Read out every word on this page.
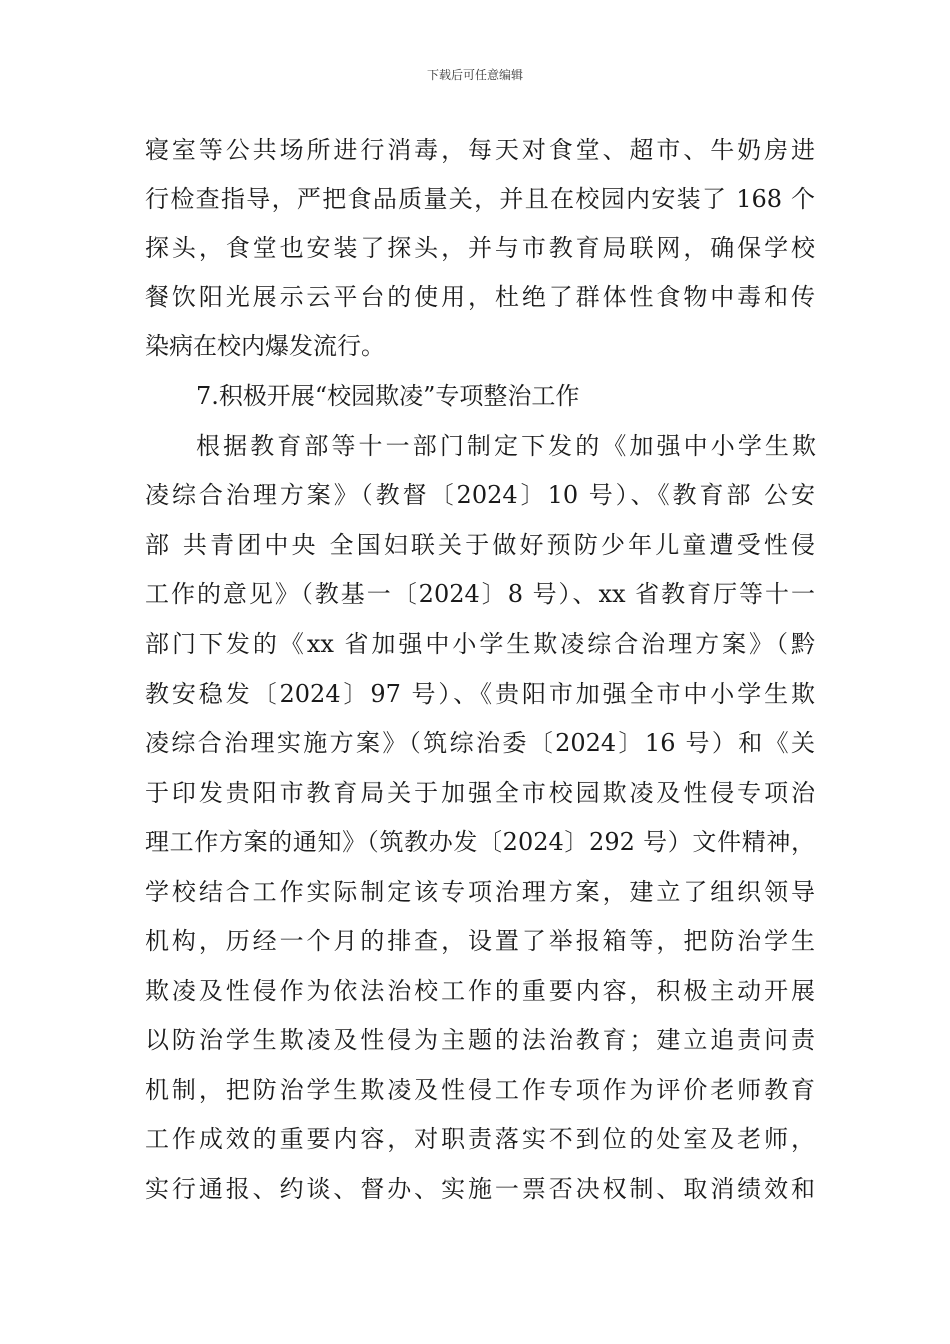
下载后可任意编辑
寝室等公共场所进行消毒，每天对食堂、超市、牛奶房进
行检查指导，严把食品质量关，并且在校园内安装了 168 个
探头，食堂也安装了探头，并与市教育局联网，确保学校
餐饮阳光展示云平台的使用，杜绝了群体性食物中毒和传
染病在校内爆发流行。
7.积极开展“校园欺凌”专项整治工作
根据教育部等十一部门制定下发的《加强中小学生欺
凌综合治理方案》（教督〔2024〕10 号）、《教育部 公安
部 共青团中央 全国妇联关于做好预防少年儿童遭受性侵
工作的意见》（教基一〔2024〕8 号）、xx 省教育厅等十一
部门下发的《xx 省加强中小学生欺凌综合治理方案》（黔
教安稳发〔2024〕97 号）、《贵阳市加强全市中小学生欺
凌综合治理实施方案》（筑综治委〔2024〕16 号）和《关
于印发贵阳市教育局关于加强全市校园欺凌及性侵专项治
理工作方案的通知》（筑教办发〔2024〕292 号）文件精神，
学校结合工作实际制定该专项治理方案，建立了组织领导
机构，历经一个月的排查，设置了举报箱等，把防治学生
欺凌及性侵作为依法治校工作的重要内容，积极主动开展
以防治学生欺凌及性侵为主题的法治教育；建立追责问责
机制，把防治学生欺凌及性侵工作专项作为评价老师教育
工作成效的重要内容，对职责落实不到位的处室及老师，
实行通报、约谈、督办、实施一票否决权制、取消绩效和
